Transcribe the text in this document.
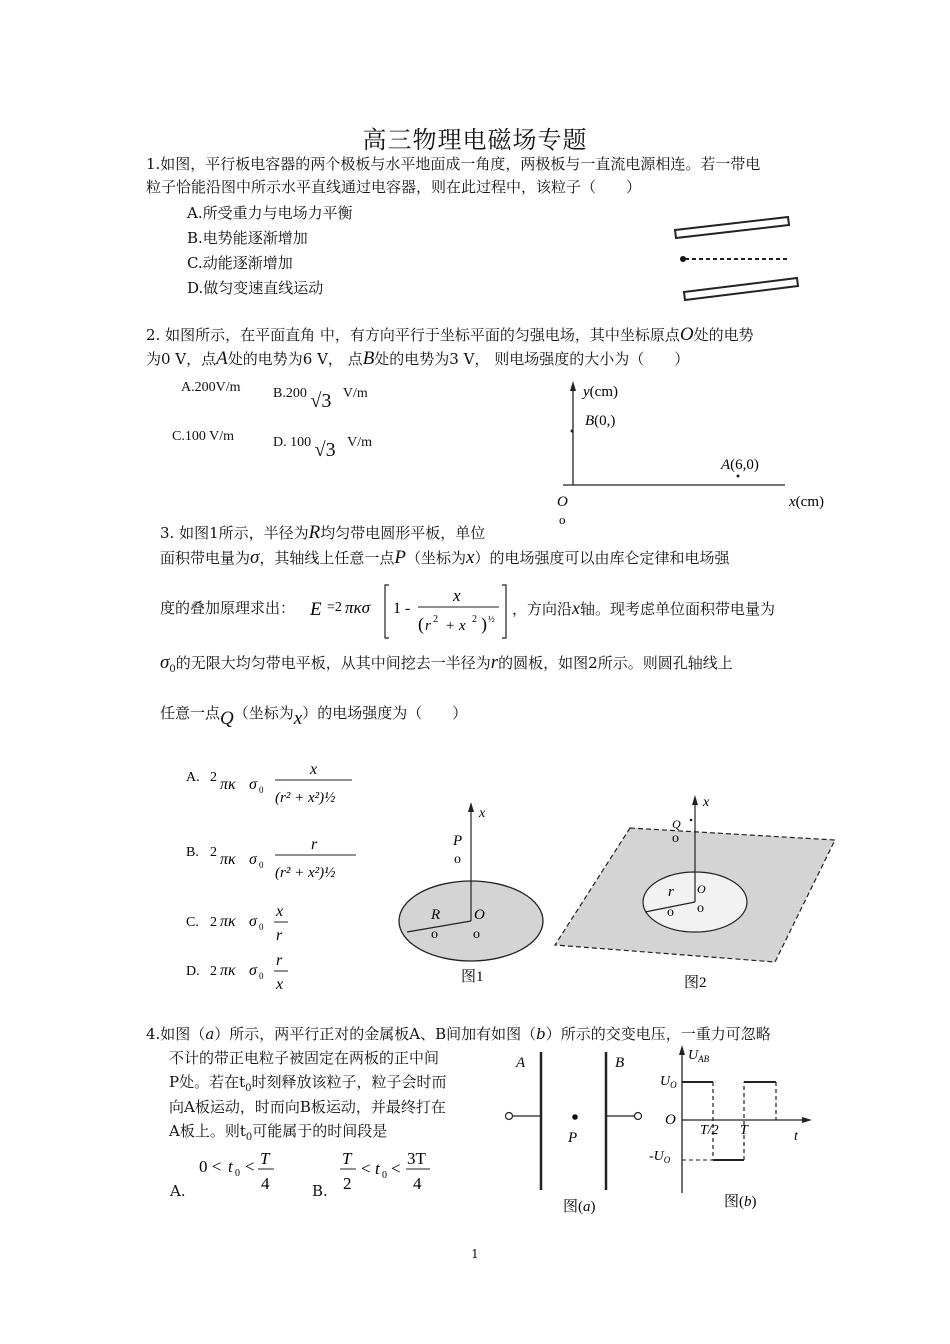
高三物理电磁场专题
1.如图，平行板电容器的两个极板与水平地面成一角度，两极板与一直流电源相连。若一带电
粒子恰能沿图中所示水平直线通过电容器，则在此过程中，该粒子（　　）
A.所受重力与电场力平衡
B.电势能逐渐增加
C.动能逐渐增加
D.做匀变速直线运动
2. 如图所示，在平面直角 中，有方向平行于坐标平面的匀强电场，其中坐标原点O处的电势
为0 V，点A处的电势为6 V， 点B处的电势为3 V， 则电场强度的大小为（　　）
A.200V/m B.200 √3 V/m
C.100 V/m	D. 100 √3 V/m
y(cm)
B(0,)
A(6,0)
O
o
x(cm)
3. 如图1所示，半径为R均匀带电圆形平板，单位
面积带电量为σ，其轴线上任意一点P（坐标为x）的电场强度可以由库仑定律和电场强
度的叠加原理求出： E =2 πκσ 1 -
x
( r 2 + x 2 ) ½
，方向沿x轴。现考虑单位面积带电量为
$\sigma_0$的无限大均匀带电平板，从其中间挖去一半径为r的圆板，如图2所示。则圆孔轴线上
任意一点Q（坐标为x）的电场强度为（　　）
A. 2 πκ σ 0
x
(r² + x²)½
B. 2 πκ σ 0
r
(r² + x²)½
C. 2 πκ σ 0
x
r
D. 2 πκ σ 0
r
x
x
P
o
R O
o	o
图1
x
Q
o
r O
o o
图2
4.如图（a）所示，两平行正对的金属板A、B间加有如图（b）所示的交变电压，一重力可忽略
不计的带正电粒子被固定在两板的正中间
P处。若在$t_0$时刻释放该粒子，粒子会时而
向A板运动，时而向B板运动，并最终打在
A板上。则$t_0$可能属于的时间段是
A.
0 < t 0 < T
4	B.
T
2
< t 0 <
3T
4
A	B
P
图(a)
$U_{AB}$
$U_O$
O
$-U_O$
T/2 T	t
图(b)
1
